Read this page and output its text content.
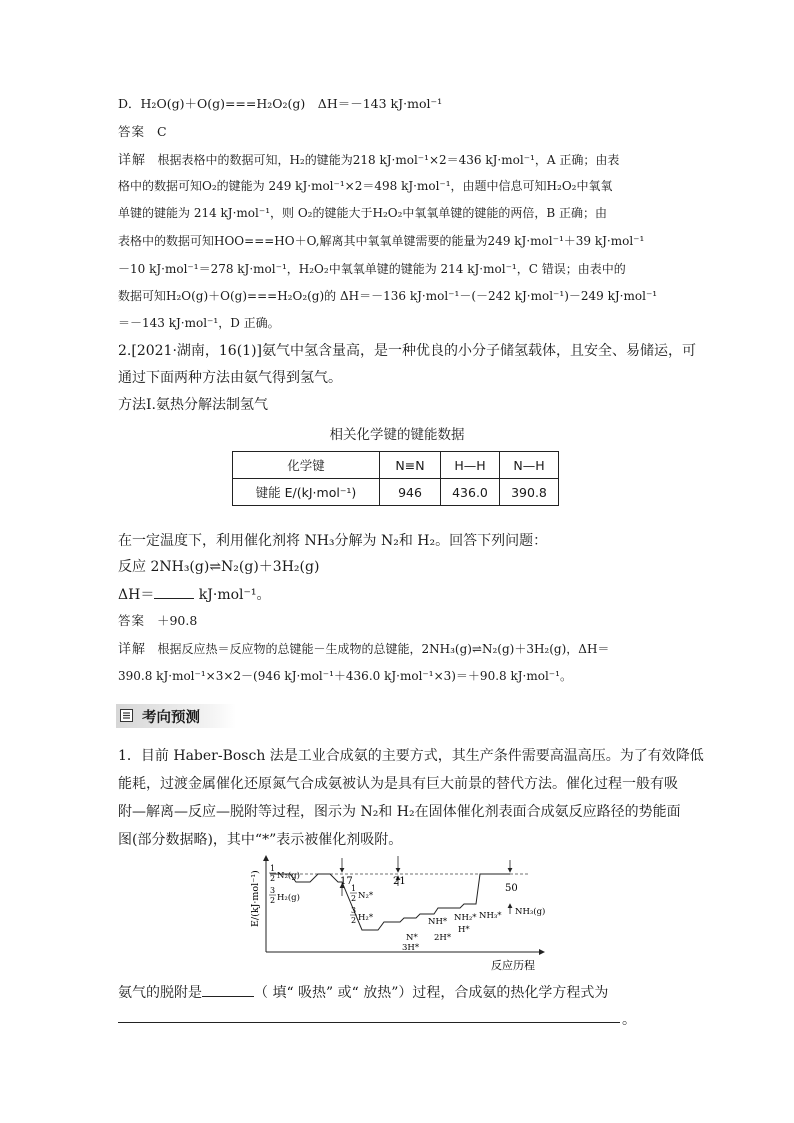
D．H₂O(g)＋O(g)===H₂O₂(g)　ΔH＝－143 kJ·mol⁻¹
答案 C
详解 根据表格中的数据可知，H₂的键能为218 kJ·mol⁻¹×2＝436 kJ·mol⁻¹，A 正确；由表
格中的数据可知O₂的键能为 249 kJ·mol⁻¹×2＝498 kJ·mol⁻¹，由题中信息可知H₂O₂中氧氧
单键的键能为 214 kJ·mol⁻¹，则 O₂的键能大于H₂O₂中氧氧单键的键能的两倍，B 正确；由
表格中的数据可知HOO===HO＋O,解离其中氧氧单键需要的能量为249 kJ·mol⁻¹＋39 kJ·mol⁻¹
－10 kJ·mol⁻¹＝278 kJ·mol⁻¹，H₂O₂中氧氧单键的键能为 214 kJ·mol⁻¹，C 错误；由表中的
数据可知H₂O(g)＋O(g)===H₂O₂(g)的 ΔH＝－136 kJ·mol⁻¹－(－242 kJ·mol⁻¹)－249 kJ·mol⁻¹
＝－143 kJ·mol⁻¹，D 正确。
2.[2021·湖南，16(1)]氨气中氢含量高，是一种优良的小分子储氢载体，且安全、易储运，可
通过下面两种方法由氨气得到氢气。
方法Ⅰ.氨热分解法制氢气
相关化学键的键能数据
化学键	N≡N	H—H	N—H
键能 E/(kJ·mol⁻¹)	946	436.0	390.8
在一定温度下，利用催化剂将 NH₃分解为 N₂和 H₂。回答下列问题：
反应 2NH₃(g)⇌N₂(g)＋3H₂(g)
ΔH＝	kJ·mol⁻¹。
答案 ＋90.8
详解 根据反应热＝反应物的总键能－生成物的总键能，2NH₃(g)⇌N₂(g)＋3H₂(g)，ΔH＝
390.8 kJ·mol⁻¹×3×2－(946 kJ·mol⁻¹＋436.0 kJ·mol⁻¹×3)＝＋90.8 kJ·mol⁻¹。
考向预测
1．目前 Haber-Bosch 法是工业合成氨的主要方式，其生产条件需要高温高压。为了有效降低
能耗，过渡金属催化还原氮气合成氨被认为是具有巨大前景的替代方法。催化过程一般有吸
附—解离—反应—脱附等过程，图示为 N₂和 H₂在固体催化剂表面合成氨反应路径的势能面
图(部分数据略)，其中“*”表示被催化剂吸附。
E/(kJ·mol⁻¹)
反应历程
1
2 N₂(g)
3
2 H₂(g)
17
1
2 N₂*
3
2 H₂*
21
50
N*
3H*
NH*
2H*
NH₂*
H*
NH₃* NH₃(g)
氨气的脱附是	（ 填“ 吸热” 或“ 放热”）过程，合成氨的热化学方程式为
。
